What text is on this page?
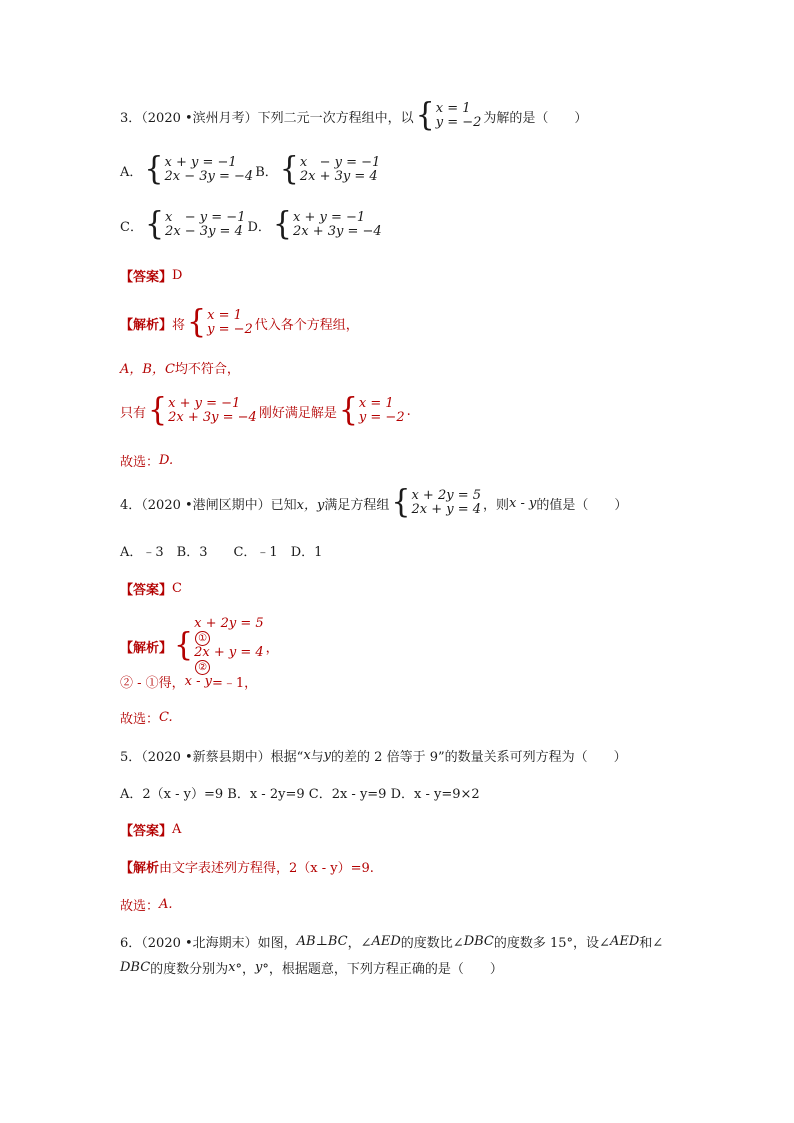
3．（2020 •滨州月考）下列二元一次方程组中，以 { x = 1
y = −2 为解的是（　　）
A． { x + y = −1
2x − 3y = −4 B． { x   − y = −1
2x + 3y = 4
C． { x   − y = −1
2x − 3y = 4 D． { x + y = −1
2x + 3y = −4
【答案】 D
【解析】 将 { x = 1
y = −2 代入各个方程组，
A，B，C 均不符合，
只有 { x + y = −1
2x + 3y = −4 刚好满足解是 { x = 1
y = −2 .
故选： D.
4．（2020 •港闸区期中）已知 x，y 满足方程组 { x + 2y = 5
2x + y = 4 ，则 x - y 的值是（　　）
A．﹣3　B．3　　C．﹣1　D．1
【答案】 C
【解析】 {
x + 2y = 5
①
2x + y = 4
②
，
② - ①得， x - y =﹣1，
故选： C.
5．（2020 •新蔡县期中）根据“ x 与 y 的差的 2 倍等于 9”的数量关系可列方程为（　　）
A．2（x - y）=9 B．x - 2y=9 C．2x - y=9 D．x - y=9×2
【答案】 A
【解析 由文字表述列方程得，2（x - y）=9.
故选： A.
6．（2020 •北海期末）如图， AB⊥BC ，∠ AED 的度数比∠ DBC 的度数多 15°，设∠ AED 和∠
DBC 的度数分别为 x °， y °，根据题意，下列方程正确的是（　　）
